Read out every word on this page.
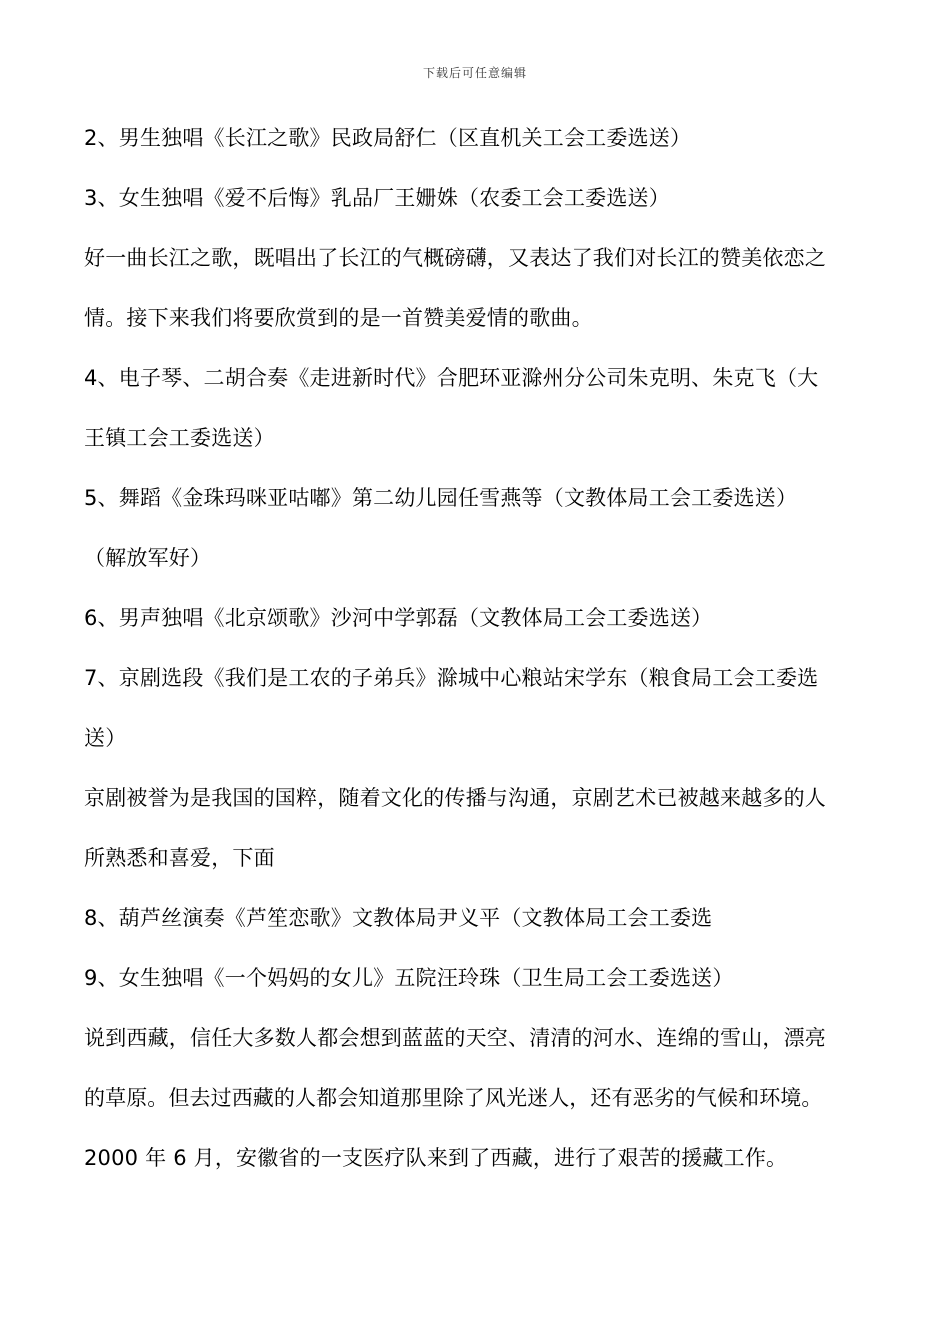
下载后可任意编辑
2、男生独唱《长江之歌》民政局舒仁（区直机关工会工委选送）
3、女生独唱《爱不后悔》乳品厂王姗姝（农委工会工委选送）
好一曲长江之歌，既唱出了长江的气概磅礴，又表达了我们对长江的赞美依恋之
情。接下来我们将要欣赏到的是一首赞美爱情的歌曲。
4、电子琴、二胡合奏《走进新时代》合肥环亚滁州分公司朱克明、朱克飞（大
王镇工会工委选送）
5、舞蹈《金珠玛咪亚咕嘟》第二幼儿园任雪燕等（文教体局工会工委选送）
（解放军好）
6、男声独唱《北京颂歌》沙河中学郭磊（文教体局工会工委选送）
7、京剧选段《我们是工农的子弟兵》滁城中心粮站宋学东（粮食局工会工委选
送）
京剧被誉为是我国的国粹，随着文化的传播与沟通，京剧艺术已被越来越多的人
所熟悉和喜爱，下面
8、葫芦丝演奏《芦笙恋歌》文教体局尹义平（文教体局工会工委选
9、女生独唱《一个妈妈的女儿》五院汪玲珠（卫生局工会工委选送）
说到西藏，信任大多数人都会想到蓝蓝的天空、清清的河水、连绵的雪山，漂亮
的草原。但去过西藏的人都会知道那里除了风光迷人，还有恶劣的气候和环境。
2000 年 6 月，安徽省的一支医疗队来到了西藏，进行了艰苦的援藏工作。
